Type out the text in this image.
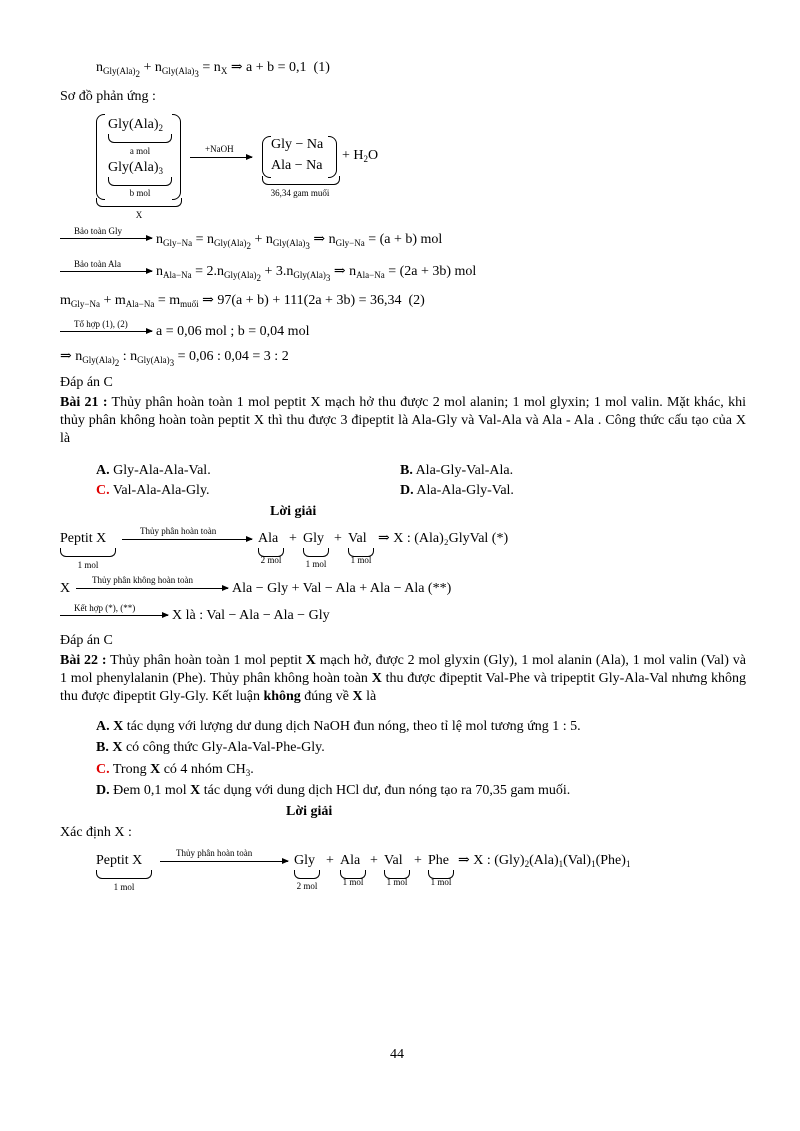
$n_{Gly(Ala)_2} + n_{Gly(Ala)_3} = n_X$ ⇒ a + b = 0,1  (1)
Sơ đồ phản ứng :
$Gly(Ala)_2$
a mol
$Gly(Ala)_3$
b mol
X
+NaOH	Gly − Na
Ala − Na
36,34 gam muối
+ $H_2O$
Bảo toàn Gly
$n_{Gly-Na} = n_{Gly(Ala)_2} + n_{Gly(Ala)_3}$ ⇒ $n_{Gly-Na} = (a + b)$ mol
Bảo toàn Ala	$n_{Ala-Na} = 2.n_{Gly(Ala)_2} + 3.n_{Gly(Ala)_3}$ ⇒ $n_{Ala-Na} = (2a + 3b)$ mol
$m_{Gly-Na} + m_{Ala-Na} = m_{muối}$ ⇒ 97(a + b) + 111(2a + 3b) = 36,34  (2)
Tổ hợp (1), (2) a = 0,06 mol ; b = 0,04 mol
⇒ $n_{Gly(Ala)_2}$ : $n_{Gly(Ala)_3} = 0,06$ : 0,04 = 3 : 2
Đáp án C
Bài 21 : Thủy phân hoàn toàn 1 mol peptit X mạch hở thu được 2 mol alanin; 1 mol glyxin; 1 mol valin. Mặt khác, khi thủy phân không hoàn toàn peptit X thì thu được 3 đipeptit là Ala-Gly và Val-Ala và Ala - Ala . Công thức cấu tạo của X là
A. Gly-Ala-Ala-Val.	B. Ala-Gly-Val-Ala.
C. Val-Ala-Ala-Gly.	D. Ala-Ala-Gly-Val.
Lời giải
Peptit X
1 mol
Thủy phân hoàn toàn	Ala
2 mol
+ Gly
1 mol
+ Val
1 mol
⇒ X : (Ala)₂GlyVal (*)
X
Thủy phân không hoàn toàn
Ala − Gly + Val − Ala + Ala − Ala (**)
Kết hợp (*), (**)	X là : Val − Ala − Ala − Gly
Đáp án C
Bài 22 : Thủy phân hoàn toàn 1 mol peptit X mạch hở, được 2 mol glyxin (Gly), 1 mol alanin (Ala), 1 mol valin (Val) và 1 mol phenylalanin (Phe). Thủy phân không hoàn toàn X thu được đipeptit Val-Phe và tripeptit Gly-Ala-Val nhưng không thu được đipeptit Gly-Gly. Kết luận không đúng về X là
A. X tác dụng với lượng dư dung dịch NaOH đun nóng, theo tỉ lệ mol tương ứng 1 : 5.
B. X có công thức Gly-Ala-Val-Phe-Gly.
C. Trong X có 4 nhóm $CH_3$.
D. Đem 0,1 mol X tác dụng với dung dịch HCl dư, đun nóng tạo ra 70,35 gam muối.
Lời giải
Xác định X :
Peptit X
1 mol
Thủy phân hoàn toàn	Gly
2 mol
+ Ala
1 mol
+ Val
1 mol
+ Phe
1 mol
⇒ X : $(Gly)_2(Ala)_1(Val)_1(Phe)_1$
44
